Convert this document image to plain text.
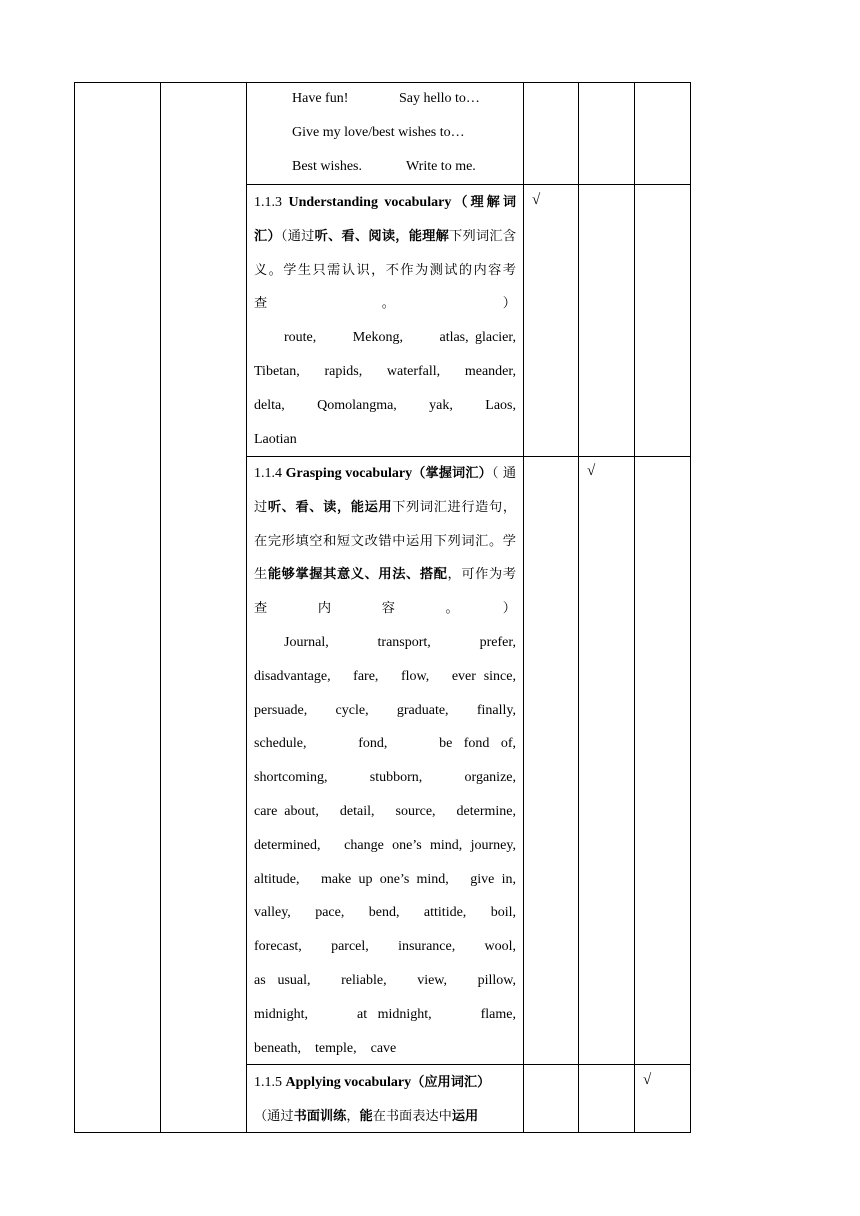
Have fun!	Say hello to…
Give my love/best wishes to…
Best wishes.	Write to me.

1.1.3 Understanding vocabulary（理解词汇）（通过听、看、阅读，能理解下列词汇含义。学生只需认识，不作为测试的内容考查。）

route,　　Mekong,　　atlas, glacier,

Tibetan,　rapids,　waterfall,　meander,

delta,　　Qomolangma,　　yak,　　Laos,

Laotian

√

1.1.4 Grasping vocabulary（掌握词汇）（ 通过听、看、读，能运用下列词汇进行造句，在完形填空和短文改错中运用下列词汇。学生能够掌握其意义、用法、搭配，可作为考查内容。）

Journal,　　　transport,　　　prefer,

disadvantage,　fare,　flow,　ever since,

persuade,　cycle,　graduate,　finally,

schedule,　　fond,　　be fond of,

shortcoming,　　stubborn,　　organize,

care about,　detail,　source,　determine,

determined,　change one’s mind, journey,

altitude,　make up one’s mind,　give in,

valley,　pace,　bend,　attitide,　boil,

forecast,　parcel,　insurance,　wool,

as usual,　reliable,　view,　pillow,

midnight,　　at midnight,　　flame,

beneath,　temple,　cave

√

1.1.5 Applying vocabulary（应用词汇）

（通过书面训练，能在书面表达中运用

√
